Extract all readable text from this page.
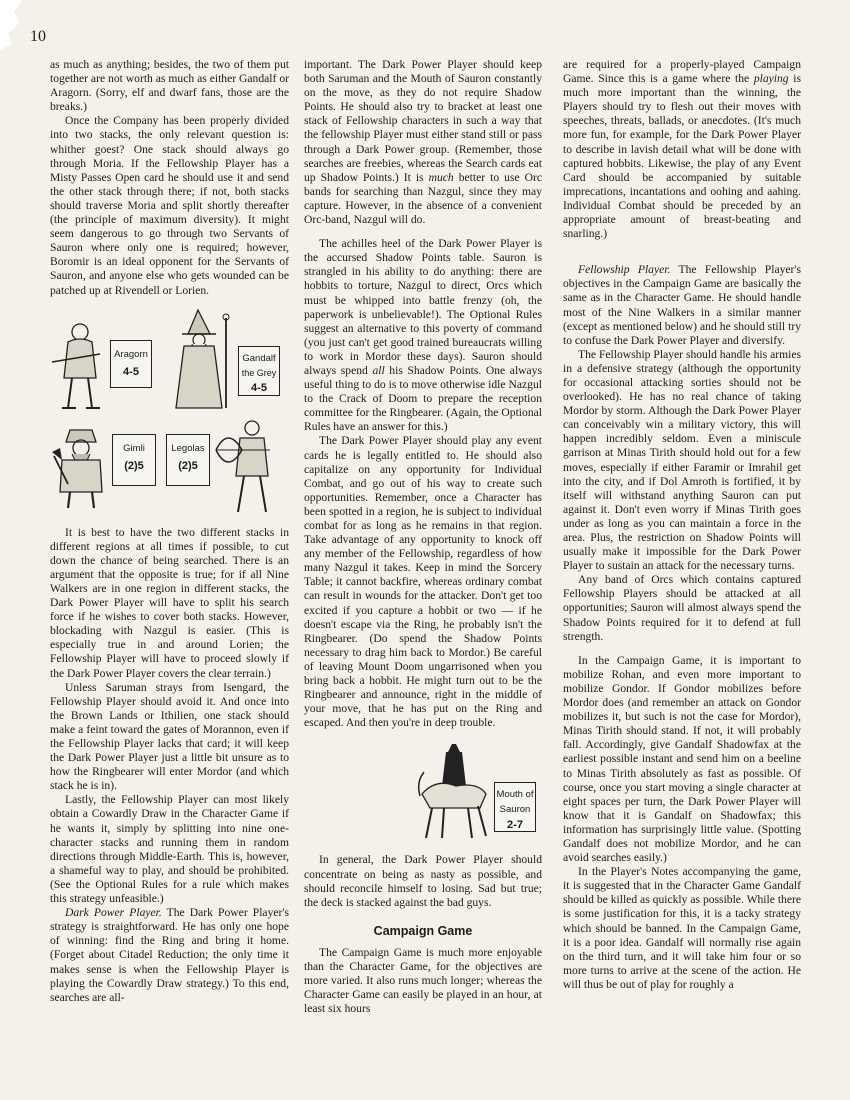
10

as much as anything; besides, the two of them put together are not worth as much as either Gandalf or Aragorn. (Sorry, elf and dwarf fans, those are the breaks.)

Once the Company has been properly divided into two stacks, the only relevant question is: whither goest? One stack should always go through Moria. If the Fellowship Player has a Misty Passes Open card he should use it and send the other stack through there; if not, both stacks should traverse Moria and split shortly thereafter (the principle of maximum diversity). It might seem dangerous to go through two Servants of Sauron where only one is required; however, Boromir is an ideal opponent for the Servants of Sauron, and anyone else who gets wounded can be patched up at Rivendell or Lorien.

Aragorn
4-5
Gandalf
the Grey
4-5
Gimli
(2)5
Legolas
(2)5

It is best to have the two different stacks in different regions at all times if possible, to cut down the chance of being searched. There is an argument that the opposite is true; for if all Nine Walkers are in one region in different stacks, the Dark Power Player will have to split his search force if he wishes to cover both stacks. However, blockading with Nazgul is easier. (This is especially true in and around Lorien; the Fellowship Player will have to proceed slowly if the Dark Power Player covers the clear terrain.)

Unless Saruman strays from Isengard, the Fellowship Player should avoid it. And once into the Brown Lands or Ithilien, one stack should make a feint toward the gates of Morannon, even if the Fellowship Player lacks that card; it will keep the Dark Power Player just a little bit unsure as to how the Ringbearer will enter Mordor (and which stack he is in).

Lastly, the Fellowship Player can most likely obtain a Cowardly Draw in the Character Game if he wants it, simply by splitting into nine one-character stacks and running them in random directions through Middle-Earth. This is, however, a shameful way to play, and should be prohibited. (See the Optional Rules for a rule which makes this strategy unfeasible.)

Dark Power Player. The Dark Power Player's strategy is straightforward. He has only one hope of winning: find the Ring and bring it home. (Forget about Citadel Reduction; the only time it makes sense is when the Fellowship Player is playing the Cowardly Draw strategy.) To this end, searches are all-

important. The Dark Power Player should keep both Saruman and the Mouth of Sauron constantly on the move, as they do not require Shadow Points. He should also try to bracket at least one stack of Fellowship characters in such a way that the fellowship Player must either stand still or pass through a Dark Power group. (Remember, those searches are freebies, whereas the Search cards eat up Shadow Points.) It is much better to use Orc bands for searching than Nazgul, since they may capture. However, in the absence of a convenient Orc-band, Nazgul will do.

The achilles heel of the Dark Power Player is the accursed Shadow Points table. Sauron is strangled in his ability to do anything: there are hobbits to torture, Nazgul to direct, Orcs which must be whipped into battle frenzy (oh, the paperwork is unbelievable!). The Optional Rules suggest an alternative to this poverty of command (you just can't get good trained bureaucrats willing to work in Mordor these days). Sauron should always spend all his Shadow Points. One always useful thing to do is to move otherwise idle Nazgul to the Crack of Doom to prepare the reception committee for the Ringbearer. (Again, the Optional Rules have an answer for this.)

The Dark Power Player should play any event cards he is legally entitled to. He should also capitalize on any opportunity for Individual Combat, and go out of his way to create such opportunities. Remember, once a Character has been spotted in a region, he is subject to individual combat for as long as he remains in that region. Take advantage of any opportunity to knock off any member of the Fellowship, regardless of how many Nazgul it takes. Keep in mind the Sorcery Table; it cannot backfire, whereas ordinary combat can result in wounds for the attacker. Don't get too excited if you capture a hobbit or two — if he doesn't escape via the Ring, he probably isn't the Ringbearer. (Do spend the Shadow Points necessary to drag him back to Mordor.) Be careful of leaving Mount Doom ungarrisoned when you bring back a hobbit. He might turn out to be the Ringbearer and announce, right in the middle of your move, that he has put on the Ring and escaped. And then you're in deep trouble.

Mouth of
Sauron
2-7

In general, the Dark Power Player should concentrate on being as nasty as possible, and should reconcile himself to losing. Sad but true; the deck is stacked against the bad guys.

Campaign Game

The Campaign Game is much more enjoyable than the Character Game, for the objectives are more varied. It also runs much longer; whereas the Character Game can easily be played in an hour, at least six hours

are required for a properly-played Campaign Game. Since this is a game where the playing is much more important than the winning, the Players should try to flesh out their moves with speeches, threats, ballads, or anecdotes. (It's much more fun, for example, for the Dark Power Player to describe in lavish detail what will be done with captured hobbits. Likewise, the play of any Event Card should be accompanied by suitable imprecations, incantations and oohing and aahing. Individual Combat should be preceded by an appropriate amount of breast-beating and snarling.)

Fellowship Player. The Fellowship Player's objectives in the Campaign Game are basically the same as in the Character Game. He should handle most of the Nine Walkers in a similar manner (except as mentioned below) and he should still try to confuse the Dark Power Player and diversify.

The Fellowship Player should handle his armies in a defensive strategy (although the opportunity for occasional attacking sorties should not be overlooked). He has no real chance of taking Mordor by storm. Although the Dark Power Player can conceivably win a military victory, this will happen incredibly seldom. Even a miniscule garrison at Minas Tirith should hold out for a few moves, especially if either Faramir or Imrahil get into the city, and if Dol Amroth is fortified, it by itself will withstand anything Sauron can put against it. Don't even worry if Minas Tirith goes under as long as you can maintain a force in the area. Plus, the restriction on Shadow Points will usually make it impossible for the Dark Power Player to sustain an attack for the necessary turns.

Any band of Orcs which contains captured Fellowship Players should be attacked at all opportunities; Sauron will almost always spend the Shadow Points required for it to defend at full strength.

In the Campaign Game, it is important to mobilize Rohan, and even more important to mobilize Gondor. If Gondor mobilizes before Mordor does (and remember an attack on Gondor mobilizes it, but such is not the case for Mordor), Minas Tirith should stand. If not, it will probably fall. Accordingly, give Gandalf Shadowfax at the earliest possible instant and send him on a beeline to Minas Tirith absolutely as fast as possible. Of course, once you start moving a single character at eight spaces per turn, the Dark Power Player will know that it is Gandalf on Shadowfax; this information has surprisingly little value. (Spotting Gandalf does not mobilize Mordor, and he can avoid searches easily.)

In the Player's Notes accompanying the game, it is suggested that in the Character Game Gandalf should be killed as quickly as possible. While there is some justification for this, it is a tacky strategy which should be banned. In the Campaign Game, it is a poor idea. Gandalf will normally rise again on the third turn, and it will take him four or so more turns to arrive at the scene of the action. He will thus be out of play for roughly a
